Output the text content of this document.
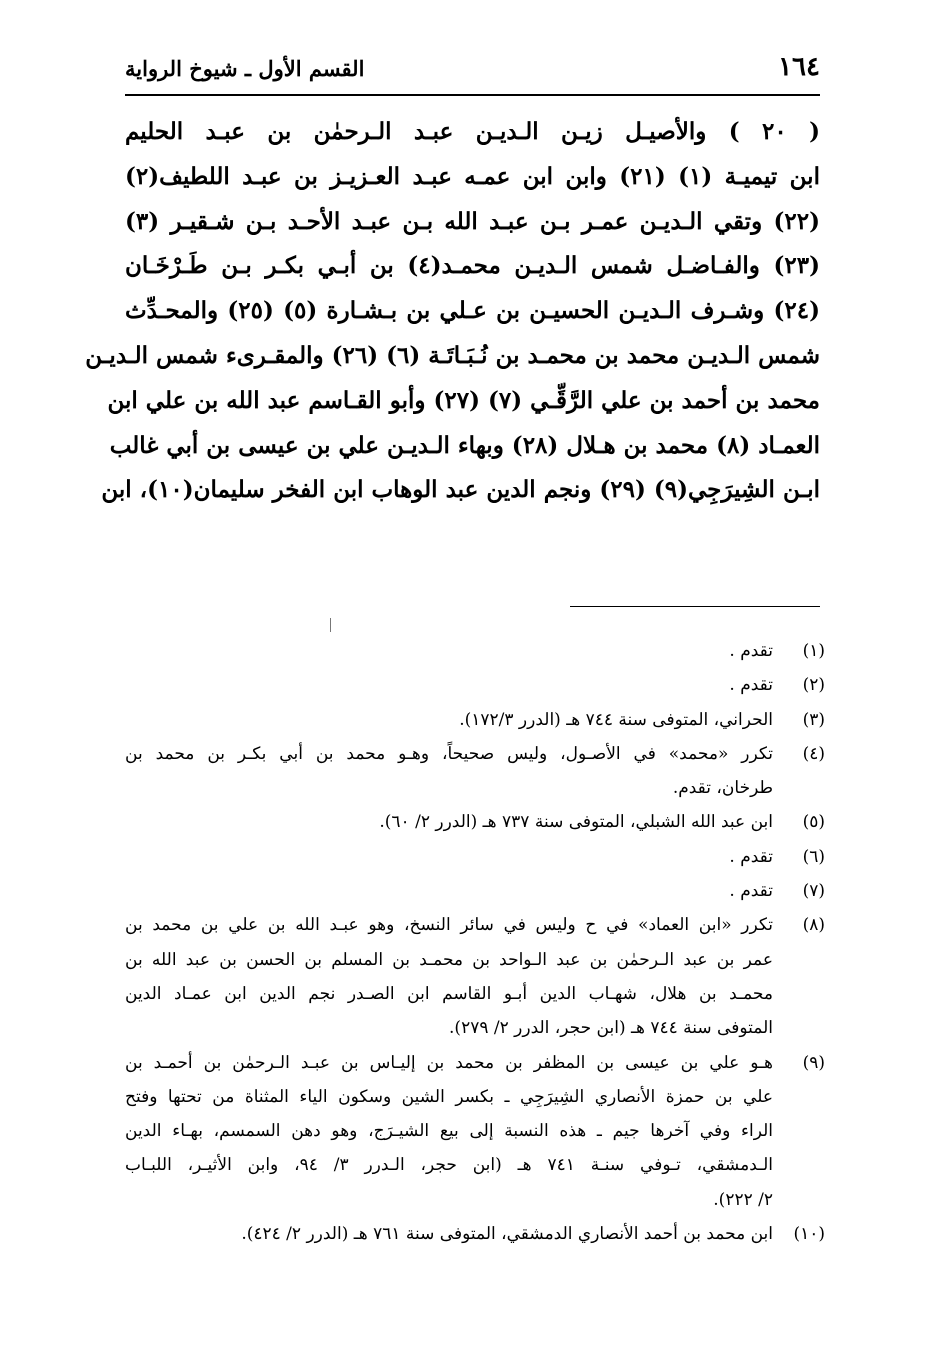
١٦٤
القسم الأول ـ شيوخ الرواية
( ٢٠ ) والأصيـل زيـن الـديـن عبـد الـرحمٰن بن عبـد الحليم
ابن تيميـة (١) (٢١) وابن ابن عمـه عبـد العـزيـز بن عبـد اللطيف(٢)
(٢٢) وتقي الـديـن عمـر بـن عبـد الله بـن عبـد الأحـد بـن شـقيـر (٣)
(٢٣) والفـاضـل شمس الـديـن محمـد(٤) بن أبـي بكـر بـن طَـرْخَـان
(٢٤) وشـرف الـديـن الحسيـن بن عـلي بن بـشـارة (٥) (٢٥) والمحـدِّث
شمس الـديـن محمد بن محمـد بن نُـبَـاتَـة (٦) (٢٦) والمقـرىء شمس الـديـن
محمد بن أحمد بن علي الرَّقِّـي (٧) (٢٧) وأبو القـاسم عبد الله بن علي ابن
العمـاد (٨) محمد بن هـلال (٢٨) وبهاء الـديـن علي بن عيسى بن أبي غالب
ابـن الشِيرَجِي(٩) (٢٩) ونجم الدين عبد الوهاب ابن الفخر سليمان(١٠)، ابن
(١)
تقدم .
(٢)
تقدم .
(٣)
الحراني، المتوفى سنة ٧٤٤ هـ (الدرر ١٧٢/٣).
(٤)
تكرر «محمد» في الأصـول، وليس صحيحاً، وهـو محمد بن أبي بكـر بن محمد بن
طرخان، تقدم.
(٥)
ابن عبد الله الشبلي، المتوفى سنة ٧٣٧ هـ (الدرر ٢/ ٦٠).
(٦)
تقدم .
(٧)
تقدم .
(٨)
تكرر «ابن العماد» في ح وليس في سائر النسخ، وهو عبـد الله بن علي بن محمد بن
عمر بن عبد الـرحمٰن بن عبد الـواحد بن محمـد بن المسلم بن الحسن بن عبد الله بن
محمـد بن هلال، شهـاب الدين أبـو القاسم ابن الصـدر نجم الدين ابن عمـاد الدين
المتوفى سنة ٧٤٤ هـ (ابن حجر، الدرر ٢/ ٢٧٩).
(٩)
هـو علي بن عيسى بن المظفر بن محمد بن إليـاس بن عبـد الـرحمٰن بن أحمـد بن
علي بن حمزة الأنصاري الشِيرَجِي ـ بكسر الشين وسكون الياء المثناة من تحتها وفتح
الراء وفي آخرها جيم ـ هذه النسبة إلى بيع الشيـرَج، وهو دهن السمسم، بهـاء الدين
الـدمشقي، تـوفي سنـة ٧٤١ هـ (ابن حجر، الـدرر ٣/ ٩٤، وابن الأثيـر، اللبـاب
٢/ ٢٢٢).
(١٠)
ابن محمد بن أحمد الأنصاري الدمشقي، المتوفى سنة ٧٦١ هـ (الدرر ٢/ ٤٢٤).
